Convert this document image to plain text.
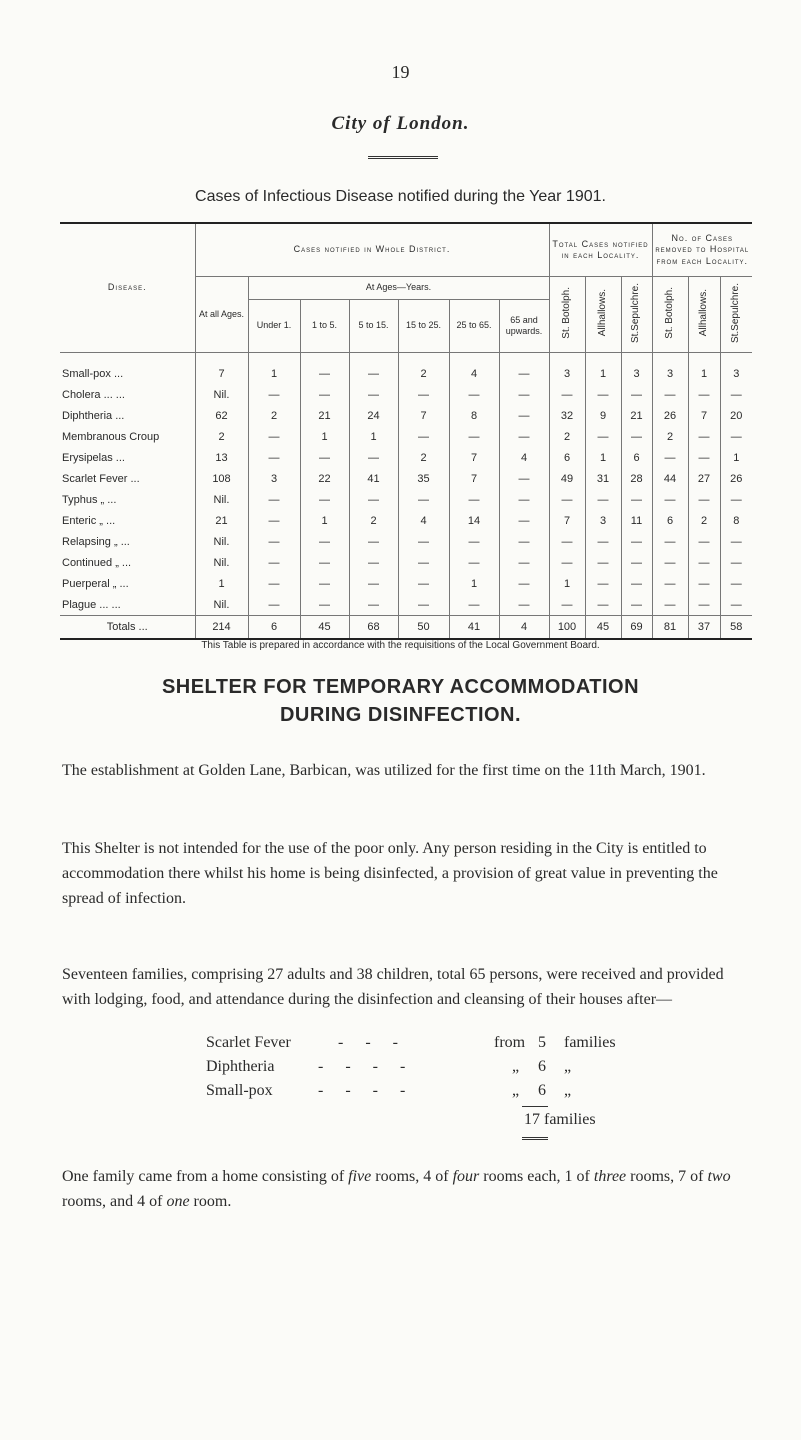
19
City of London.
Cases of Infectious Disease notified during the Year 1901.
Disease.	Cases notified in Whole District.							Total Cases notified in each Locality.			No. of Cases removed to Hospital from each Locality.		
	At all Ages.	At Ages—Years.						St. Botolph.	Allhallows.	St.Sepulchre.	St. Botolph.	Allhallows.	St.Sepulchre.
		Under 1.	1 to 5.	5 to 15.	15 to 25.	25 to 65.	65 and upwards.						
Small-pox ...	7	1	—	—	2	4	—	3	1	3	3	1	3
Cholera ... ...	Nil.	—	—	—	—	—	—	—	—	—	—	—	—
Diphtheria ...	62	2	21	24	7	8	—	32	9	21	26	7	20
Membranous Croup	2	—	1	1	—	—	—	2	—	—	2	—	—
Erysipelas ...	13	—	—	—	2	7	4	6	1	6	—	—	1
Scarlet Fever ...	108	3	22	41	35	7	—	49	31	28	44	27	26
Typhus „ ...	Nil.	—	—	—	—	—	—	—	—	—	—	—	—
Enteric „ ...	21	—	1	2	4	14	—	7	3	11	6	2	8
Relapsing „ ...	Nil.	—	—	—	—	—	—	—	—	—	—	—	—
Continued „ ...	Nil.	—	—	—	—	—	—	—	—	—	—	—	—
Puerperal „ ...	1	—	—	—	—	1	—	1	—	—	—	—	—
Plague ... ...	Nil.	—	—	—	—	—	—	—	—	—	—	—	—
Totals ...	214	6	45	68	50	41	4	100	45	69	81	37	58
This Table is prepared in accordance with the requisitions of the Local Government Board.
SHELTER FOR TEMPORARY ACCOMMODATION
DURING DISINFECTION.

The establishment at Golden Lane, Barbican, was utilized for the first time on the 11th March, 1901.

This Shelter is not intended for the use of the poor only. Any person residing in the City is entitled to accommodation there whilst his home is being disinfected, a provision of great value in preventing the spread of infection.

Seventeen families, comprising 27 adults and 38 children, total 65 persons, were received and provided with lodging, food, and attendance during the disinfection and cleansing of their houses after—

Scarlet Fever	- - -	from 5 families
Diphtheria	- - - -	„ 6 „
Small-pox	- - - -	„ 6 „
17 families

One family came from a home consisting of five rooms, 4 of four rooms each, 1 of three rooms, 7 of two rooms, and 4 of one room.
